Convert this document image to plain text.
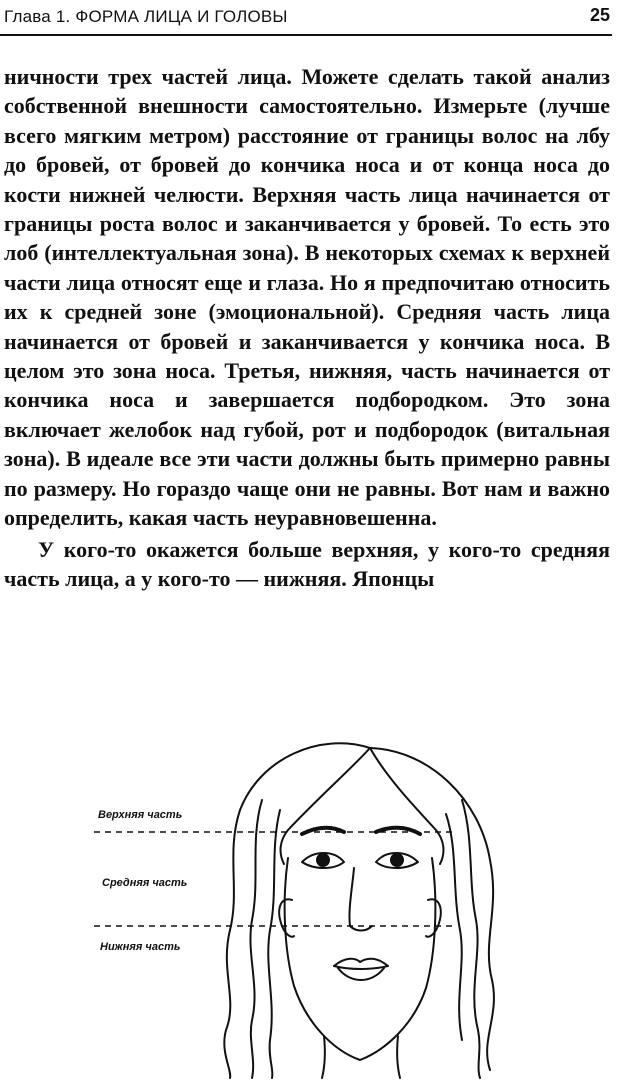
Глава 1. ФОРМА ЛИЦА И ГОЛОВЫ	25

ничности трех частей лица. Можете сделать такой анализ собственной внешности самостоятельно. Измерьте (лучше всего мягким метром) расстояние от границы волос на лбу до бровей, от бровей до кончика носа и от конца носа до кости нижней челюсти. Верхняя часть лица начинается от границы роста волос и заканчивается у бровей. То есть это лоб (интеллектуальная зона). В некоторых схемах к верхней части лица относят еще и глаза. Но я предпочитаю относить их к средней зоне (эмоциональной). Средняя часть лица начинается от бровей и заканчивается у кончика носа. В целом это зона носа. Третья, нижняя, часть начинается от кончика носа и завершается подбородком. Это зона включает желобок над губой, рот и подбородок (витальная зона). В идеале все эти части должны быть примерно равны по размеру. Но гораздо чаще они не равны. Вот нам и важно определить, какая часть неуравновешенна.

У кого-то окажется больше верхняя, у кого-то средняя часть лица, а у кого-то — нижняя. Японцы

Верхняя часть
Средняя часть
Нижняя часть
